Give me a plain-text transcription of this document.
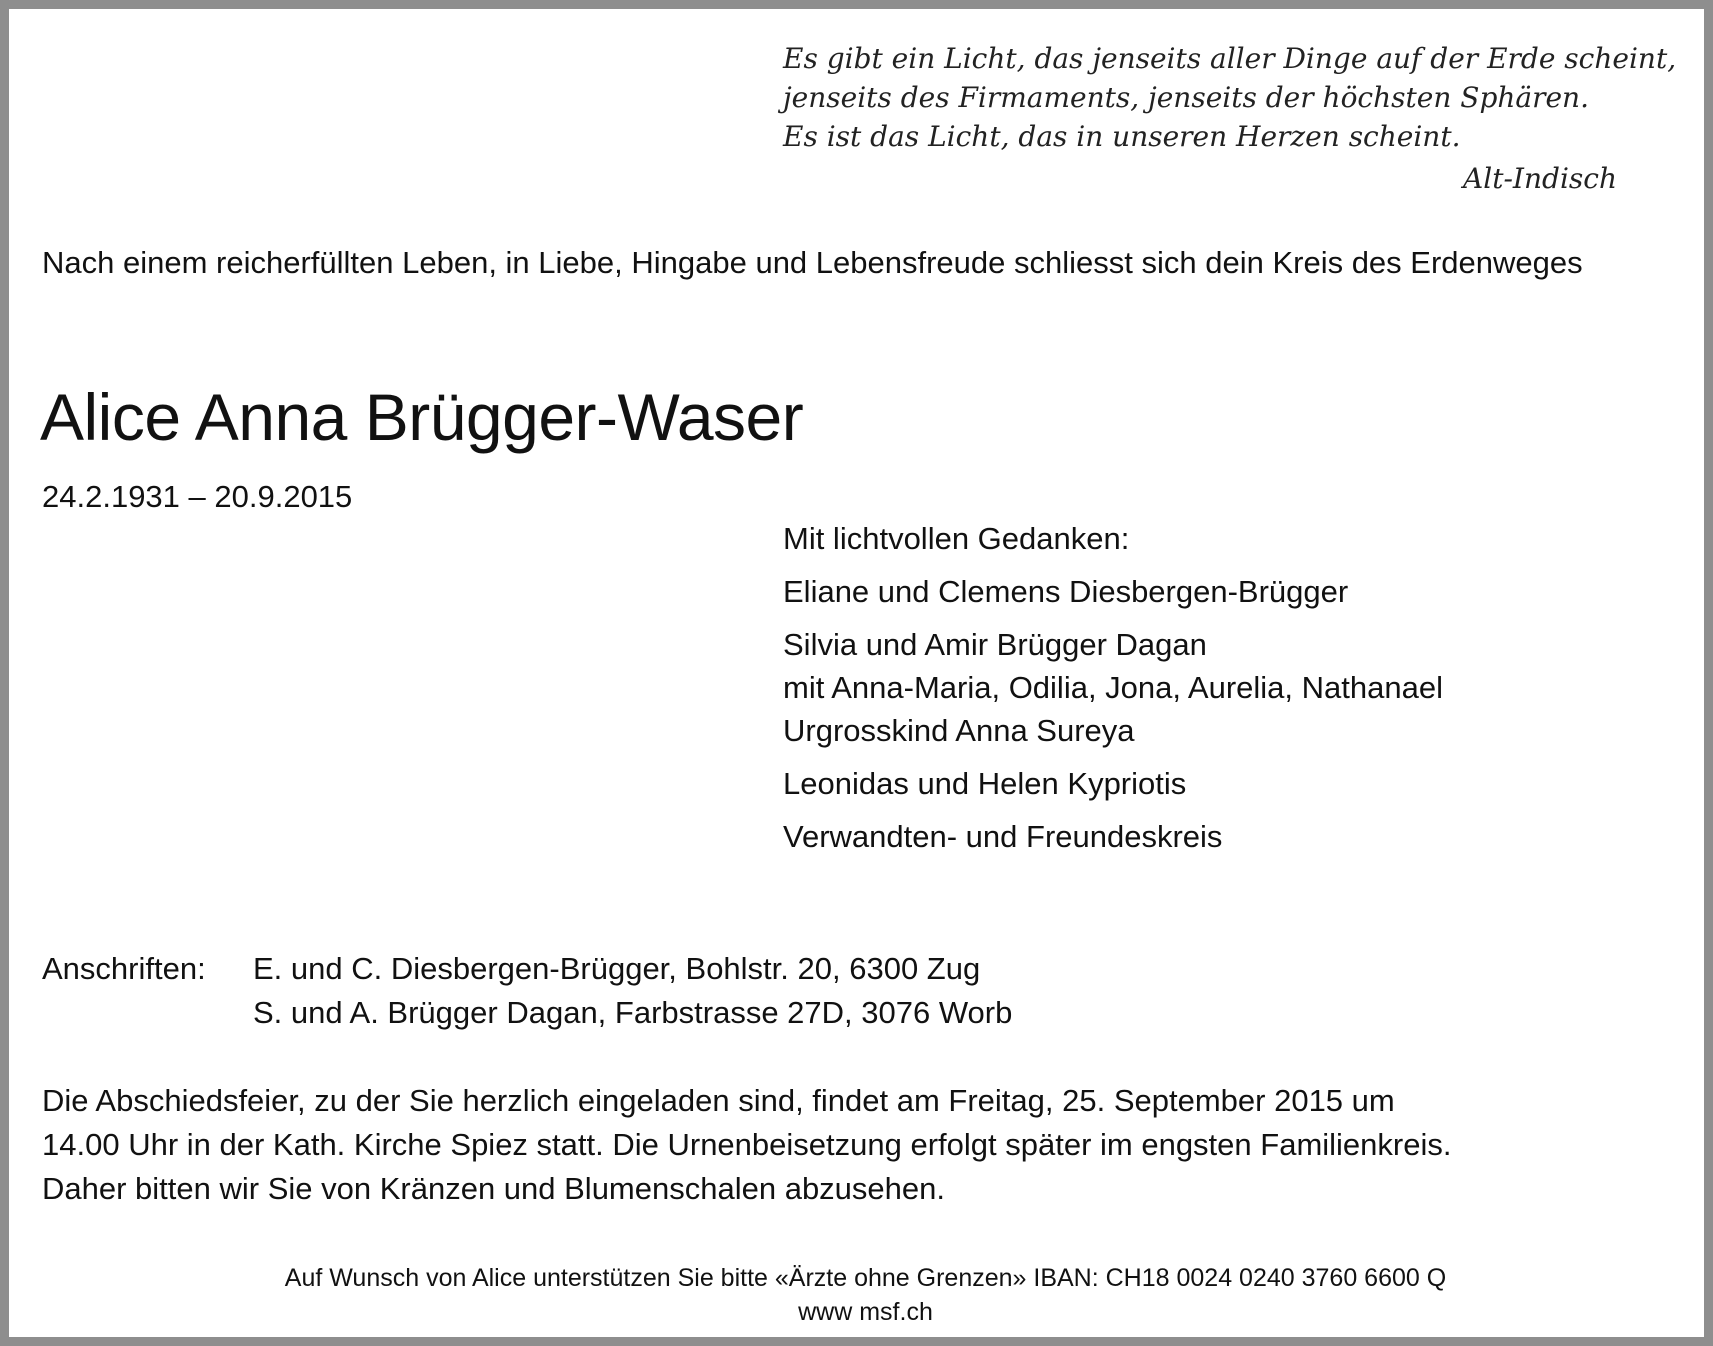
Es gibt ein Licht, das jenseits aller Dinge auf der Erde scheint,
jenseits des Firmaments, jenseits der höchsten Sphären.
Es ist das Licht, das in unseren Herzen scheint.
Alt-Indisch
Nach einem reicherfüllten Leben, in Liebe, Hingabe und Lebensfreude schliesst sich dein Kreis des Erdenweges
Alice Anna Brügger-Waser
24.2.1931 – 20.9.2015
Mit lichtvollen Gedanken:
Eliane und Clemens Diesbergen-Brügger
Silvia und Amir Brügger Dagan
mit Anna-Maria, Odilia, Jona, Aurelia, Nathanael
Urgrosskind Anna Sureya
Leonidas und Helen Kypriotis
Verwandten- und Freundeskreis
Anschriften: E. und C. Diesbergen-Brügger, Bohlstr. 20, 6300 Zug
S. und A. Brügger Dagan, Farbstrasse 27D, 3076 Worb
Die Abschiedsfeier, zu der Sie herzlich eingeladen sind, findet am Freitag, 25. September 2015 um
14.00 Uhr in der Kath. Kirche Spiez statt. Die Urnenbeisetzung erfolgt später im engsten Familienkreis.
Daher bitten wir Sie von Kränzen und Blumenschalen abzusehen.
Auf Wunsch von Alice unterstützen Sie bitte «Ärzte ohne Grenzen» IBAN: CH18 0024 0240 3760 6600 Q
www msf.ch
